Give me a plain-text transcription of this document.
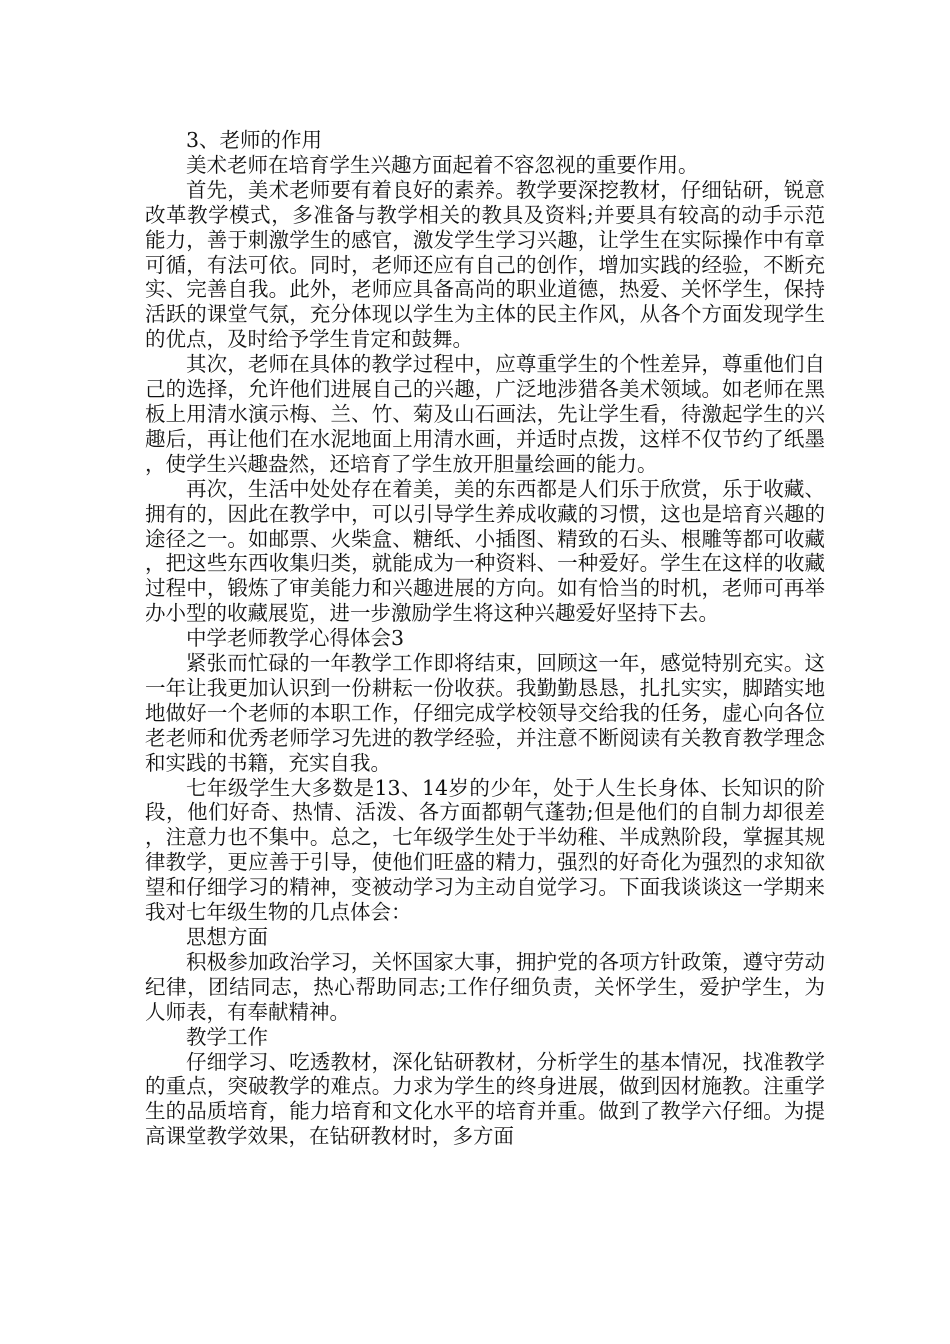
3、老师的作用

美术老师在培育学生兴趣方面起着不容忽视的重要作用。

首先，美术老师要有着良好的素养。教学要深挖教材，仔细钻研，锐意改革教学模式，多准备与教学相关的教具及资料;并要具有较高的动手示范能力，善于刺激学生的感官，激发学生学习兴趣，让学生在实际操作中有章可循，有法可依。同时，老师还应有自己的创作，增加实践的经验，不断充实、完善自我。此外，老师应具备高尚的职业道德，热爱、关怀学生，保持活跃的课堂气氛，充分体现以学生为主体的民主作风，从各个方面发现学生的优点，及时给予学生肯定和鼓舞。

其次，老师在具体的教学过程中，应尊重学生的个性差异，尊重他们自己的选择，允许他们进展自己的兴趣，广泛地涉猎各美术领域。如老师在黑板上用清水演示梅、兰、竹、菊及山石画法，先让学生看，待激起学生的兴趣后，再让他们在水泥地面上用清水画，并适时点拨，这样不仅节约了纸墨，使学生兴趣盎然，还培育了学生放开胆量绘画的能力。

再次，生活中处处存在着美，美的东西都是人们乐于欣赏，乐于收藏、拥有的，因此在教学中，可以引导学生养成收藏的习惯，这也是培育兴趣的途径之一。如邮票、火柴盒、糖纸、小插图、精致的石头、根雕等都可收藏，把这些东西收集归类，就能成为一种资料、一种爱好。学生在这样的收藏过程中，锻炼了审美能力和兴趣进展的方向。如有恰当的时机，老师可再举办小型的收藏展览，进一步激励学生将这种兴趣爱好坚持下去。

中学老师教学心得体会3

紧张而忙碌的一年教学工作即将结束，回顾这一年，感觉特别充实。这一年让我更加认识到一份耕耘一份收获。我勤勤恳恳，扎扎实实，脚踏实地地做好一个老师的本职工作，仔细完成学校领导交给我的任务，虚心向各位老老师和优秀老师学习先进的教学经验，并注意不断阅读有关教育教学理念和实践的书籍，充实自我。

七年级学生大多数是13、14岁的少年，处于人生长身体、长知识的阶段，他们好奇、热情、活泼、各方面都朝气蓬勃;但是他们的自制力却很差，注意力也不集中。总之，七年级学生处于半幼稚、半成熟阶段，掌握其规律教学，更应善于引导，使他们旺盛的精力，强烈的好奇化为强烈的求知欲望和仔细学习的精神，变被动学习为主动自觉学习。下面我谈谈这一学期来我对七年级生物的几点体会：

思想方面

积极参加政治学习，关怀国家大事，拥护党的各项方针政策，遵守劳动纪律，团结同志，热心帮助同志;工作仔细负责，关怀学生，爱护学生，为人师表，有奉献精神。

教学工作

仔细学习、吃透教材，深化钻研教材，分析学生的基本情况，找准教学的重点，突破教学的难点。力求为学生的终身进展，做到因材施教。注重学生的品质培育，能力培育和文化水平的培育并重。做到了教学六仔细。为提高课堂教学效果，在钻研教材时，多方面
